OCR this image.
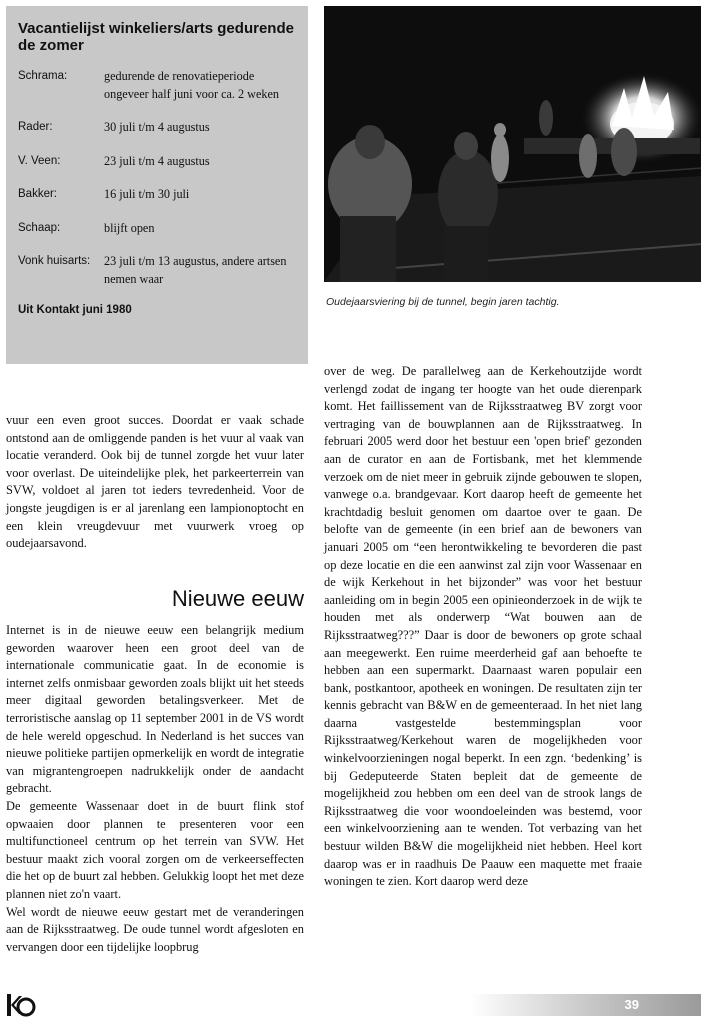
Vacantielijst winkeliers/arts gedurende de zomer
Schrama:	gedurende de renovatieperiode ongeveer half juni voor ca. 2 weken
Rader:	30 juli t/m 4 augustus
V. Veen:	23 juli t/m 4 augustus
Bakker:	16 juli t/m 30 juli
Schaap:	blijft open
Vonk huisarts:	23 juli t/m 13 augustus, andere artsen nemen waar
Uit Kontakt juni 1980
Oudejaarsviering bij de tunnel, begin jaren tachtig.

vuur een even groot succes. Doordat er vaak schade ontstond aan de omliggende panden is het vuur al vaak van locatie veranderd. Ook bij de tunnel zorgde het vuur later voor overlast. De uiteindelijke plek, het parkeerterrein van SVW, voldoet al jaren tot ieders tevredenheid. Voor de jongste jeugdigen is er al jarenlang een lampionoptocht en een klein vreugdevuur met vuurwerk vroeg op oudejaarsavond.

Nieuwe eeuw

Internet is in de nieuwe eeuw een belangrijk medium geworden waarover heen een groot deel van de internationale communicatie gaat. In de economie is internet zelfs onmisbaar geworden zoals blijkt uit het steeds meer digitaal geworden betalingsverkeer. Met de terroristische aanslag op 11 september 2001 in de VS wordt de hele wereld opgeschud. In Nederland is het succes van nieuwe politieke partijen opmerkelijk en wordt de integratie van migrantengroepen nadrukkelijk onder de aandacht gebracht.

De gemeente Wassenaar doet in de buurt flink stof opwaaien door plannen te presenteren voor een multifunctioneel centrum op het terrein van SVW. Het bestuur maakt zich vooral zorgen om de verkeerseffecten die het op de buurt zal hebben. Gelukkig loopt het met deze plannen niet zo'n vaart.

Wel wordt de nieuwe eeuw gestart met de veranderingen aan de Rijksstraatweg. De oude tunnel wordt afgesloten en vervangen door een tijdelijke loopbrug

over de weg. De parallelweg aan de Kerkehoutzijde wordt verlengd zodat de ingang ter hoogte van het oude dierenpark komt. Het faillissement van de Rijksstraatweg BV zorgt voor vertraging van de bouwplannen aan de Rijksstraatweg. In februari 2005 werd door het bestuur een 'open brief' gezonden aan de curator en aan de Fortisbank, met het klemmende verzoek om de niet meer in gebruik zijnde gebouwen te slopen, vanwege o.a. brandgevaar. Kort daarop heeft de gemeente het krachtdadig besluit genomen om daartoe over te gaan. De belofte van de gemeente (in een brief aan de bewoners van januari 2005 om “een herontwikkeling te bevorderen die past op deze locatie en die een aanwinst zal zijn voor Wassenaar en de wijk Kerkehout in het bijzonder” was voor het bestuur aanleiding om in begin 2005 een opinieonderzoek in de wijk te houden met als onderwerp “Wat bouwen aan de Rijksstraatweg???” Daar is door de bewoners op grote schaal aan meegewerkt. Een ruime meerderheid gaf aan behoefte te hebben aan een supermarkt. Daarnaast waren populair een bank, postkantoor, apotheek en woningen. De resultaten zijn ter kennis gebracht van B&W en de gemeenteraad. In het niet lang daarna vastgestelde bestemmingsplan voor Rijksstraatweg/Kerkehout waren de mogelijkheden voor winkelvoorzieningen nogal beperkt. In een zgn. ‘bedenking’ is bij Gedeputeerde Staten bepleit dat de gemeente de mogelijkheid zou hebben om een deel van de strook langs de Rijksstraatweg die voor woondoeleinden was bestemd, voor een winkelvoorziening aan te wenden. Tot verbazing van het bestuur wilden B&W die mogelijkheid niet hebben. Heel kort daarop was er in raadhuis De Paauw een maquette met fraaie woningen te zien. Kort daarop werd deze

39
